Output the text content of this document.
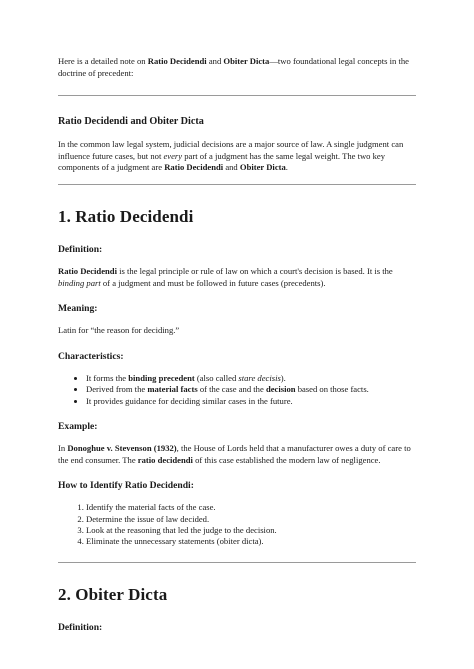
Here is a detailed note on Ratio Decidendi and Obiter Dicta—two foundational legal concepts in the doctrine of precedent:

Ratio Decidendi and Obiter Dicta

In the common law legal system, judicial decisions are a major source of law. A single judgment can influence future cases, but not every part of a judgment has the same legal weight. The two key components of a judgment are Ratio Decidendi and Obiter Dicta.

1. Ratio Decidendi
Definition:

Ratio Decidendi is the legal principle or rule of law on which a court's decision is based. It is the binding part of a judgment and must be followed in future cases (precedents).

Meaning:

Latin for “the reason for deciding.”

Characteristics:
• It forms the binding precedent (also called stare decisis).
• Derived from the material facts of the case and the decision based on those facts.
• It provides guidance for deciding similar cases in the future.
Example:

In Donoghue v. Stevenson (1932), the House of Lords held that a manufacturer owes a duty of care to the end consumer. The ratio decidendi of this case established the modern law of negligence.

How to Identify Ratio Decidendi:
1. Identify the material facts of the case.
2. Determine the issue of law decided.
3. Look at the reasoning that led the judge to the decision.
4. Eliminate the unnecessary statements (obiter dicta).
2. Obiter Dicta
Definition:
